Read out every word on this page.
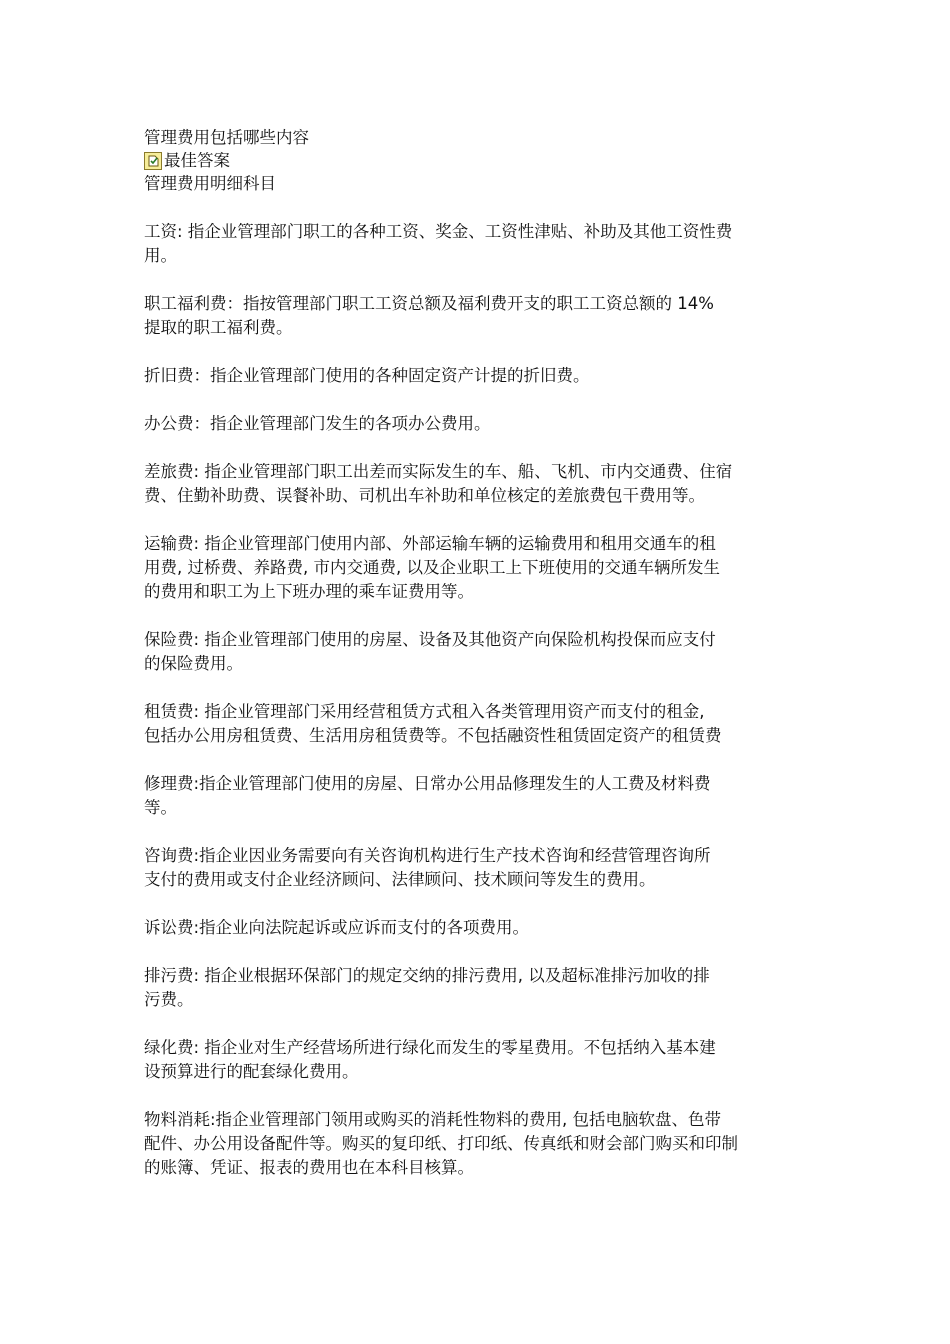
管理费用包括哪些内容
最佳答案
管理费用明细科目
工资: 指企业管理部门职工的各种工资、奖金、工资性津贴、补助及其他工资性费
用。
职工福利费：指按管理部门职工工资总额及福利费开支的职工工资总额的 14%
提取的职工福利费。
折旧费：指企业管理部门使用的各种固定资产计提的折旧费。
办公费：指企业管理部门发生的各项办公费用。
差旅费: 指企业管理部门职工出差而实际发生的车、船、飞机、市内交通费、住宿
费、住勤补助费、误餐补助、司机出车补助和单位核定的差旅费包干费用等。
运输费: 指企业管理部门使用内部、外部运输车辆的运输费用和租用交通车的租
用费, 过桥费、养路费, 市内交通费, 以及企业职工上下班使用的交通车辆所发生
的费用和职工为上下班办理的乘车证费用等。
保险费: 指企业管理部门使用的房屋、设备及其他资产向保险机构投保而应支付
的保险费用。
租赁费: 指企业管理部门采用经营租赁方式租入各类管理用资产而支付的租金,
包括办公用房租赁费、生活用房租赁费等。不包括融资性租赁固定资产的租赁费
修理费:指企业管理部门使用的房屋、日常办公用品修理发生的人工费及材料费
等。
咨询费:指企业因业务需要向有关咨询机构进行生产技术咨询和经营管理咨询所
支付的费用或支付企业经济顾问、法律顾问、技术顾问等发生的费用。
诉讼费:指企业向法院起诉或应诉而支付的各项费用。
排污费: 指企业根据环保部门的规定交纳的排污费用, 以及超标准排污加收的排
污费。
绿化费: 指企业对生产经营场所进行绿化而发生的零星费用。不包括纳入基本建
设预算进行的配套绿化费用。
物料消耗:指企业管理部门领用或购买的消耗性物料的费用, 包括电脑软盘、色带
配件、办公用设备配件等。购买的复印纸、打印纸、传真纸和财会部门购买和印制
的账簿、凭证、报表的费用也在本科目核算。
